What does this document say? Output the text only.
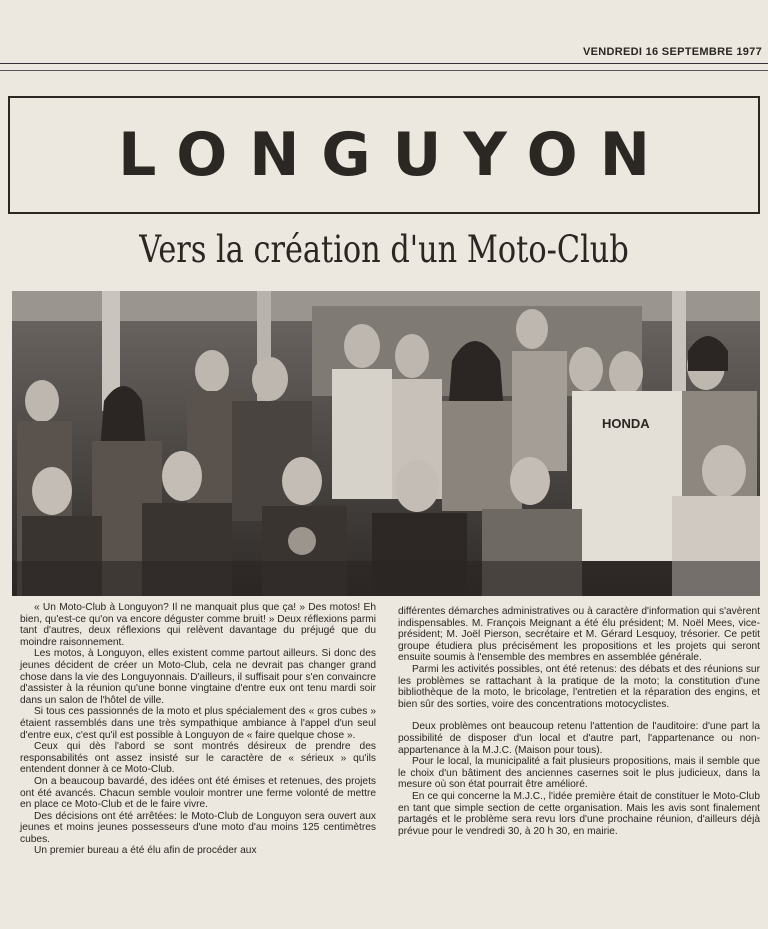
VENDREDI 16 SEPTEMBRE 1977
LONGUYON
Vers la création d'un Moto-Club
HONDA

« Un Moto-Club à Longuyon? Il ne manquait plus que ça! » Des motos! Eh bien, qu'est-ce qu'on va encore déguster comme bruit! » Deux réflexions parmi tant d'autres, deux réflexions qui relèvent davantage du préjugé que du moindre raisonnement.

Les motos, à Longuyon, elles existent comme partout ailleurs. Si donc des jeunes décident de créer un Moto-Club, cela ne devrait pas changer grand chose dans la vie des Longuyonnais. D'ailleurs, il suffisait pour s'en convaincre d'assister à la réunion qu'une bonne vingtaine d'entre eux ont tenu mardi soir dans un salon de l'hôtel de ville.

Si tous ces passionnés de la moto et plus spécialement des « gros cubes » étaient rassemblés dans une très sympathique ambiance à l'appel d'un seul d'entre eux, c'est qu'il est possible à Longuyon de « faire quelque chose ».

Ceux qui dès l'abord se sont montrés désireux de prendre des responsabilités ont assez insisté sur le caractère de « sérieux » qu'ils entendent donner à ce Moto-Club.

On a beaucoup bavardé, des idées ont été émises et retenues, des projets ont été avancés. Chacun semble vouloir montrer une ferme volonté de mettre en place ce Moto-Club et de le faire vivre.

Des décisions ont été arrêtées: le Moto-Club de Longuyon sera ouvert aux jeunes et moins jeunes possesseurs d'une moto d'au moins 125 centimètres cubes.

Un premier bureau a été élu afin de procéder aux

différentes démarches administratives ou à caractère d'information qui s'avèrent indispensables. M. François Meignant a été élu président; M. Noël Mees, vice-président; M. Joël Pierson, secrétaire et M. Gérard Lesquoy, trésorier. Ce petit groupe étudiera plus précisément les propositions et les projets qui seront ensuite soumis à l'ensemble des membres en assemblée générale.

Parmi les activités possibles, ont été retenus: des débats et des réunions sur les problèmes se rattachant à la pratique de la moto; la constitution d'une bibliothèque de la moto, le bricolage, l'entretien et la réparation des engins, et bien sûr des sorties, voire des concentrations motocyclistes.

Deux problèmes ont beaucoup retenu l'attention de l'auditoire: d'une part la possibilité de disposer d'un local et d'autre part, l'appartenance ou non-appartenance à la M.J.C. (Maison pour tous).

Pour le local, la municipalité a fait plusieurs propositions, mais il semble que le choix d'un bâtiment des anciennes casernes soit le plus judicieux, dans la mesure où son état pourrait être amélioré.

En ce qui concerne la M.J.C., l'idée première était de constituer le Moto-Club en tant que simple section de cette organisation. Mais les avis sont finalement partagés et le problème sera revu lors d'une prochaine réunion, d'ailleurs déjà prévue pour le vendredi 30, à 20 h 30, en mairie.
